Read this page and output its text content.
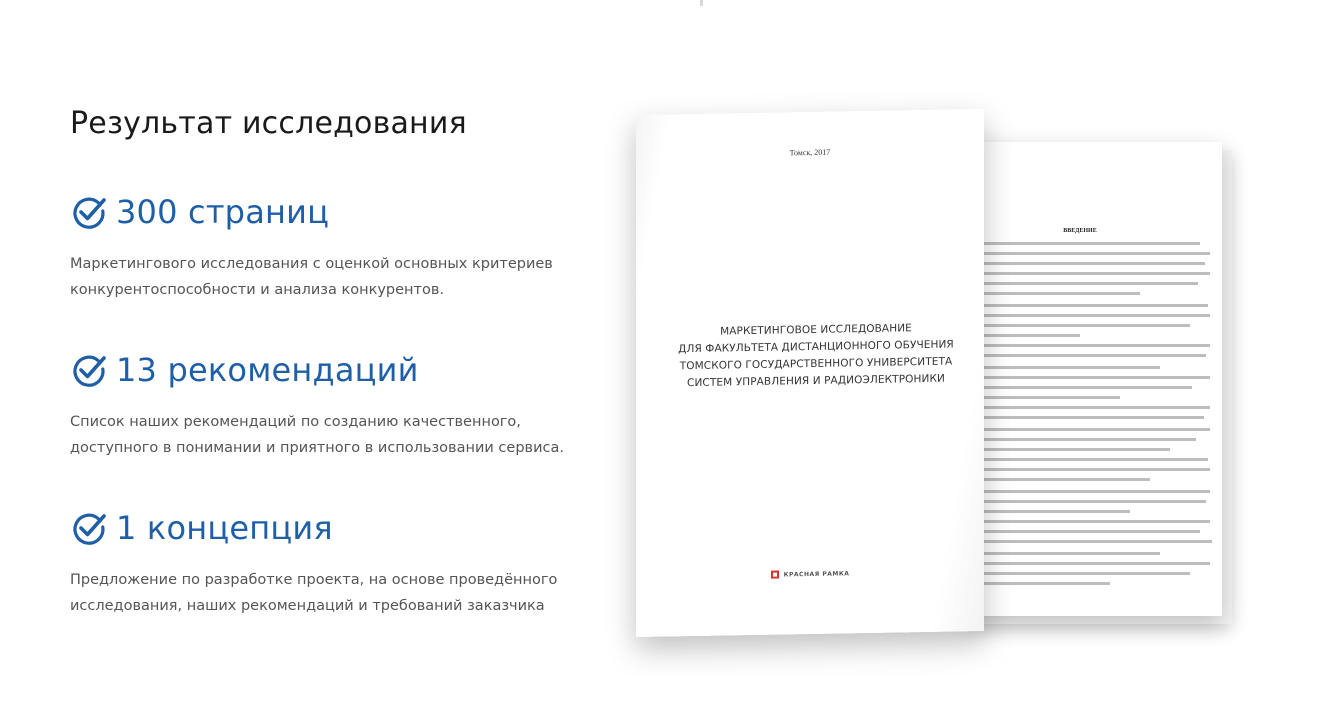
Результат исследования
300 страниц
Маркетингового исследования с оценкой основных критериев
конкурентоспособности и анализа конкурентов.
13 рекомендаций
Список наших рекомендаций по созданию качественного,
доступного в понимании и приятного в использовании сервиса.
1 концепция
Предложение по разработке проекта, на основе проведённого
исследования, наших рекомендаций и требований заказчика
ВВЕДЕНИЕ
Томск, 2017
МАРКЕТИНГОВОЕ ИССЛЕДОВАНИЕ
ДЛЯ ФАКУЛЬТЕТА ДИСТАНЦИОННОГО ОБУЧЕНИЯ
ТОМСКОГО ГОСУДАРСТВЕННОГО УНИВЕРСИТЕТА
СИСТЕМ УПРАВЛЕНИЯ И РАДИОЭЛЕКТРОНИКИ
КРАСНАЯ РАМКА
